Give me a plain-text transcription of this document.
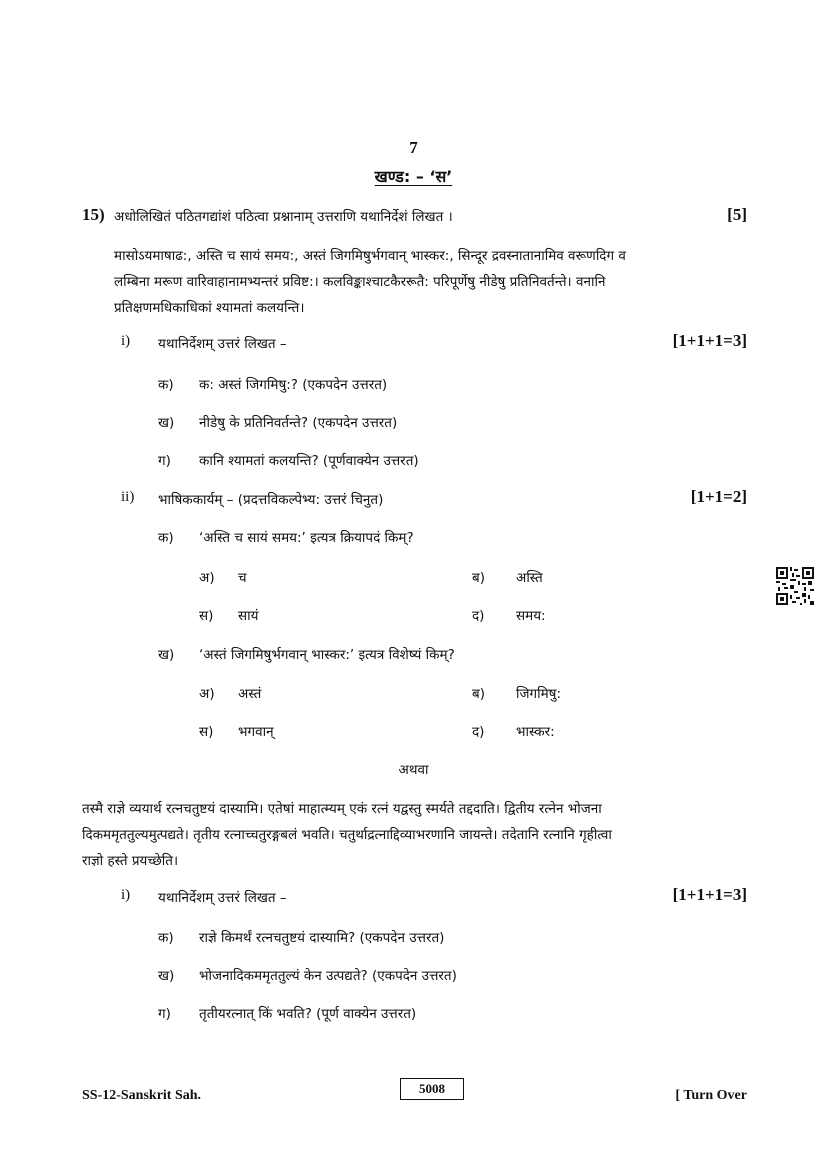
7
खण्ड: – ‘स’
15) अधोलिखितं पठितगद्यांशं पठित्वा प्रश्नानाम् उत्तराणि यथानिर्देशं लिखत ।	[5]
मासोऽयमाषाढ:, अस्ति च सायं समय:, अस्तं जिगमिषुर्भगवान् भास्कर:, सिन्दूर द्रवस्नातानामिव वरूणदिग व
लम्बिना मरूण वारिवाहानामभ्यन्तरं प्रविष्ट:। कलविङ्काश्चाटकैररूतै: परिपूर्णेषु नीडेषु प्रतिनिवर्तन्ते। वनानि
प्रतिक्षणमधिकाधिकां श्यामतां कलयन्ति।
i) यथानिर्देशम् उत्तरं लिखत –	[1+1+1=3]
क) क: अस्तं जिगमिषु:? (एकपदेन उत्तरत)
ख) नीडेषु के प्रतिनिवर्तन्ते? (एकपदेन उत्तरत)
ग) कानि श्यामतां कलयन्ति? (पूर्णवाक्येन उत्तरत)
ii) भाषिककार्यम् – (प्रदत्तविकल्पेभ्य: उत्तरं चिनुत)	[1+1=2]
क) ‘अस्ति च सायं समय:’ इत्यत्र क्रियापदं किम्?
अ) च	ब) अस्ति
स) सायं	द) समय:
ख) ‘अस्तं जिगमिषुर्भगवान् भास्कर:’ इत्यत्र विशेष्यं किम्?
अ) अस्तं	ब) जिगमिषु:
स) भगवान्	द) भास्कर:
अथवा
तस्मै राज्ञे व्ययार्थ रत्नचतुष्टयं दास्यामि। एतेषां माहात्म्यम् एकं रत्नं यद्वस्तु स्मर्यते तद्ददाति। द्वितीय रत्नेन भोजना
दिकममृततुल्यमुत्पद्यते। तृतीय रत्नाच्चतुरङ्गबलं भवति। चतुर्थाद्रत्नाद्दिव्याभरणानि जायन्ते। तदेतानि रत्नानि गृहीत्वा
राज्ञो हस्ते प्रयच्छेति।
i) यथानिर्देशम् उत्तरं लिखत –	[1+1+1=3]
क) राज्ञे किमर्थं रत्नचतुष्टयं दास्यामि? (एकपदेन उत्तरत)
ख) भोजनादिकममृततुल्यं केन उत्पद्यते? (एकपदेन उत्तरत)
ग) तृतीयरत्नात् किं भवति? (पूर्ण वाक्येन उत्तरत)
SS-12-Sanskrit Sah.	5008	[ Turn Over
